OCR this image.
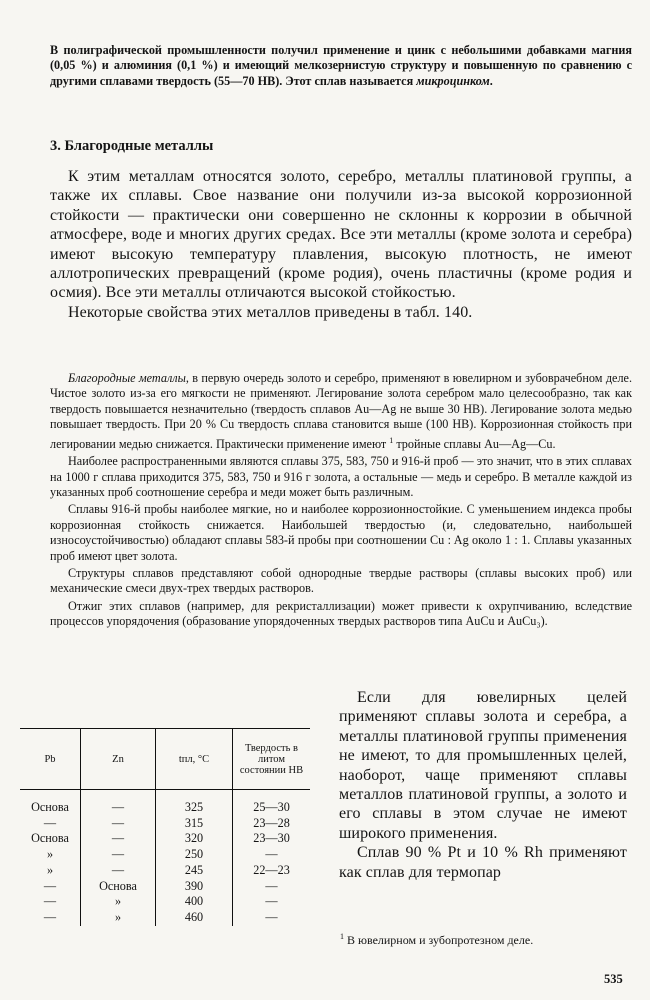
В полиграфической промышленности получил применение и цинк с небольшими добавками магния (0,05 %) и алюминия (0,1 %) и имеющий мелкозернистую структуру и повышенную по сравнению с другими сплавами твердость (55—70 HB). Этот сплав называется микроцинком.

3. Благородные металлы

К этим металлам относятся золото, серебро, металлы платиновой группы, а также их сплавы. Свое название они получили из-за высокой коррозионной стойкости — практически они совершенно не склонны к коррозии в обычной атмосфере, воде и многих других средах. Все эти металлы (кроме золота и серебра) имеют высокую температуру плавления, высокую плотность, не имеют аллотропических превращений (кроме родия), очень пластичны (кроме родия и осмия). Все эти металлы отличаются высокой стойкостью.

Некоторые свойства этих металлов приведены в табл. 140.

Благородные металлы, в первую очередь золото и серебро, применяют в ювелирном и зубоврачебном деле. Чистое золото из-за его мягкости не применяют. Легирование золота серебром мало целесообразно, так как твердость повышается незначительно (твердость сплавов Au—Ag не выше 30 HB). Легирование золота медью повышает твердость. При 20 % Cu твердость сплава становится выше (100 HB). Коррозионная стойкость при легировании медью снижается. Практически применение имеют $^1$ тройные сплавы Au—Ag—Cu.

Наиболее распространенными являются сплавы 375, 583, 750 и 916-й проб — это значит, что в этих сплавах на 1000 г сплава приходится 375, 583, 750 и 916 г золота, а остальные — медь и серебро. В металле каждой из указанных проб соотношение серебра и меди может быть различным.

Сплавы 916-й пробы наиболее мягкие, но и наиболее коррозионностойкие. С уменьшением индекса пробы коррозионная стойкость снижается. Наибольшей твердостью (и, следовательно, наибольшей износоустойчивостью) обладают сплавы 583-й пробы при соотношении Cu : Ag около 1 : 1. Сплавы указанных проб имеют цвет золота.

Структуры сплавов представляют собой однородные твердые растворы (сплавы высоких проб) или механические смеси двух-трех твердых растворов.

Отжиг этих сплавов (например, для рекристаллизации) может привести к охрупчиванию, вследствие процессов упорядочения (образование упорядоченных твердых растворов типа AuCu и AuCu₃).

Pb	Zn	tпл, °C	Твердость в литом состоянии НВ
Основа	—	325	25—30
—	—	315	23—28
Основа	—	320	23—30
»	—	250	—
»	—	245	22—23
—	Основа	390	—
—	»	400	—
—	»	460	—

Если для ювелирных целей применяют сплавы золота и серебра, а металлы платиновой группы применения не имеют, то для промышленных целей, наоборот, чаще применяют сплавы металлов платиновой группы, а золото и его сплавы в этом случае не имеют широкого применения.

Сплав 90 % Pt и 10 % Rh применяют как сплав для термопар

$^1$ В ювелирном и зубопротезном деле.
535
